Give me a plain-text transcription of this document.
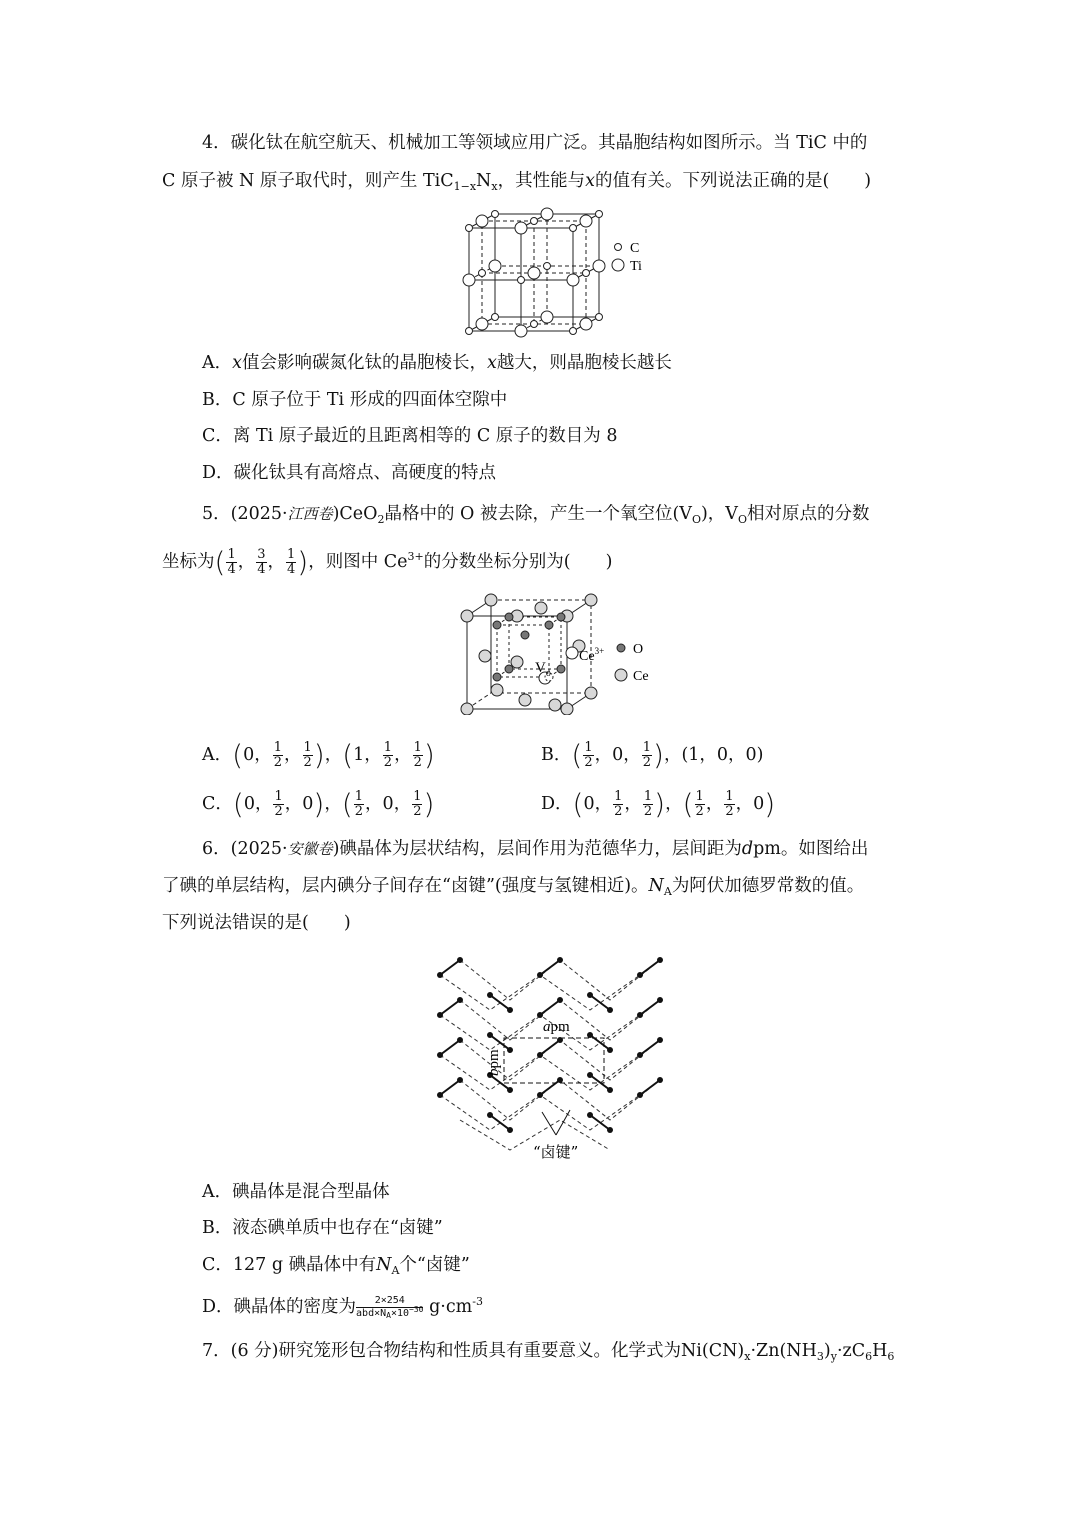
4．碳化钛在航空航天、机械加工等领域应用广泛。其晶胞结构如图所示。当 TiC 中的
C 原子被 N 原子取代时，则产生 $TiC_{1-x}N_x$，其性能与x的值有关。下列说法正确的是(　　)
C
Ti
A．x值会影响碳氮化钛的晶胞棱长，x越大，则晶胞棱长越长
B．C 原子位于 Ti 形成的四面体空隙中
C．离 Ti 原子最近的且距离相等的 C 原子的数目为 8
D．碳化钛具有高熔点、高硬度的特点
5．(2025·江西卷)CeO$_2$晶格中的 O 被去除，产生一个氧空位$(V_O)$，$V_O$相对原点的分数
坐标为( $\frac{1}{4}$ ， $\frac{3}{4}$ ， $\frac{1}{4}$ )，则图中 $Ce^{3+}$的分数坐标分别为(　　)
$V_o$
$Ce^{3+}$ O
Ce
A．(0， $\frac{1}{2}$ ， $\frac{1}{2}$ )，(1， $\frac{1}{2}$ ， $\frac{1}{2}$ )	B．( $\frac{1}{2}$ ，0， $\frac{1}{2}$ )，(1，0，0)
C．(0， $\frac{1}{2}$ ，0)，( $\frac{1}{2}$ ，0， $\frac{1}{2}$ )	D．(0， $\frac{1}{2}$ ， $\frac{1}{2}$ )，( $\frac{1}{2}$ ， $\frac{1}{2}$ ，0)
6．(2025·安徽卷)碘晶体为层状结构，层间作用为范德华力，层间距为dpm。如图给出
了碘的单层结构，层内碘分子间存在“卤键”(强度与氢键相近)。$N_A$为阿伏加德罗常数的值。
下列说法错误的是(　　)
apm
bpm
“卤键”
A．碘晶体是混合型晶体
B．液态碘单质中也存在“卤键”
C．127 g 碘晶体中有$N_A$个“卤键”
D．碘晶体的密度为 $\frac{2\times 254}{abd\times N_A\times 10^{-30}} g\cdot cm^{-3}$
7．(6 分)研究笼形包合物结构和性质具有重要意义。化学式为$Ni(CN)_x\cdot Zn(NH_3)_y\cdot zC_6H_6$
